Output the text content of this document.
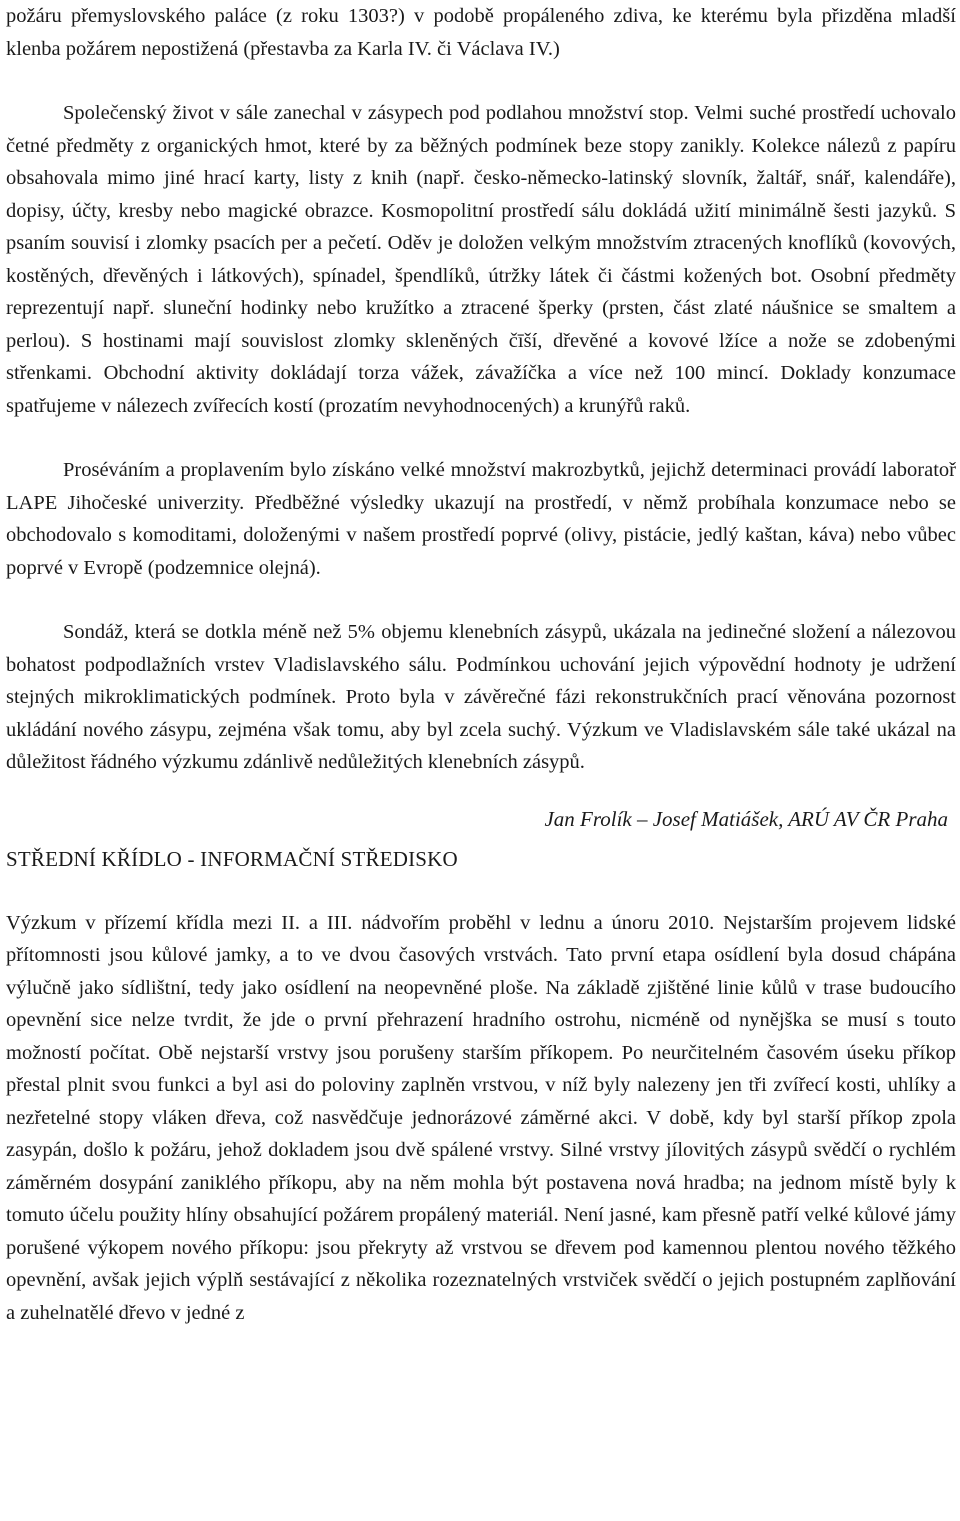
požáru přemyslovského paláce (z roku 1303?) v podobě propáleného zdiva, ke kterému byla přizděna mladší klenba požárem nepostižená (přestavba za Karla IV. či Václava IV.)

Společenský život v sále zanechal v zásypech pod podlahou množství stop. Velmi suché prostředí uchovalo četné předměty z organických hmot, které by za běžných podmínek beze stopy zanikly. Kolekce nálezů z papíru obsahovala mimo jiné hrací karty, listy z knih (např. česko-německo-latinský slovník, žaltář, snář, kalendáře), dopisy, účty, kresby nebo magické obrazce. Kosmopolitní prostředí sálu dokládá užití minimálně šesti jazyků. S psaním souvisí i zlomky psacích per a pečetí. Oděv je doložen velkým množstvím ztracených knoflíků (kovových, kostěných, dřevěných i látkových), spínadel, špendlíků, útržky látek či částmi kožených bot. Osobní předměty reprezentují např. sluneční hodinky nebo kružítko a ztracené šperky (prsten, část zlaté náušnice se smaltem a perlou). S hostinami mají souvislost zlomky skleněných čīší, dřevěné a kovové lžíce a nože se zdobenými střenkami. Obchodní aktivity dokládají torza vážek, závažíčka a více než 100 mincí. Doklady konzumace spatřujeme v nálezech zvířecích kostí (prozatím nevyhodnocených) a krunýřů raků.

Proséváním a proplavením bylo získáno velké množství makrozbytků, jejichž determinaci provádí laboratoř LAPE Jihočeské univerzity. Předběžné výsledky ukazují na prostředí, v němž probíhala konzumace nebo se obchodovalo s komoditami, doloženými v našem prostředí poprvé (olivy, pistácie, jedlý kaštan, káva) nebo vůbec poprvé v Evropě (podzemnice olejná).

Sondáž, která se dotkla méně než 5% objemu klenebních zásypů, ukázala na jedinečné složení a nálezovou bohatost podpodlažních vrstev Vladislavského sálu. Podmínkou uchování jejich výpovědní hodnoty je udržení stejných mikroklimatických podmínek. Proto byla v závěrečné fázi rekonstrukčních prací věnována pozornost ukládání nového zásypu, zejména však tomu, aby byl zcela suchý. Výzkum ve Vladislavském sále také ukázal na důležitost řádného výzkumu zdánlivě nedůležitých klenebních zásypů.

Jan Frolík – Josef Matiášek, ARÚ AV ČR Praha
STŘEDNÍ KŘÍDLO - INFORMAČNÍ STŘEDISKO

Výzkum v přízemí křídla mezi II. a III. nádvořím proběhl v lednu a únoru 2010. Nejstarším projevem lidské přítomnosti jsou kůlové jamky, a to ve dvou časových vrstvách. Tato první etapa osídlení byla dosud chápána výlučně jako sídlištní, tedy jako osídlení na neopevněné ploše. Na základě zjištěné linie kůlů v trase budoucího opevnění sice nelze tvrdit, že jde o první přehrazení hradního ostrohu, nicméně od nynějška se musí s touto možností počítat. Obě nejstarší vrstvy jsou porušeny starším příkopem. Po neurčitelném časovém úseku příkop přestal plnit svou funkci a byl asi do poloviny zaplněn vrstvou, v níž byly nalezeny jen tři zvířecí kosti, uhlíky a nezřetelné stopy vláken dřeva, což nasvědčuje jednorázové záměrné akci. V době, kdy byl starší příkop zpola zasypán, došlo k požáru, jehož dokladem jsou dvě spálené vrstvy. Silné vrstvy jílovitých zásypů svědčí o rychlém záměrném dosypání zaniklého příkopu, aby na něm mohla být postavena nová hradba; na jednom místě byly k tomuto účelu použity hlíny obsahující požárem propálený materiál. Není jasné, kam přesně patří velké kůlové jámy porušené výkopem nového příkopu: jsou překryty až vrstvou se dřevem pod kamennou plentou nového těžkého opevnění, avšak jejich výplň sestávající z několika rozeznatelných vrstviček svědčí o jejich postupném zaplňování a zuhelnatělé dřevo v jedné z
